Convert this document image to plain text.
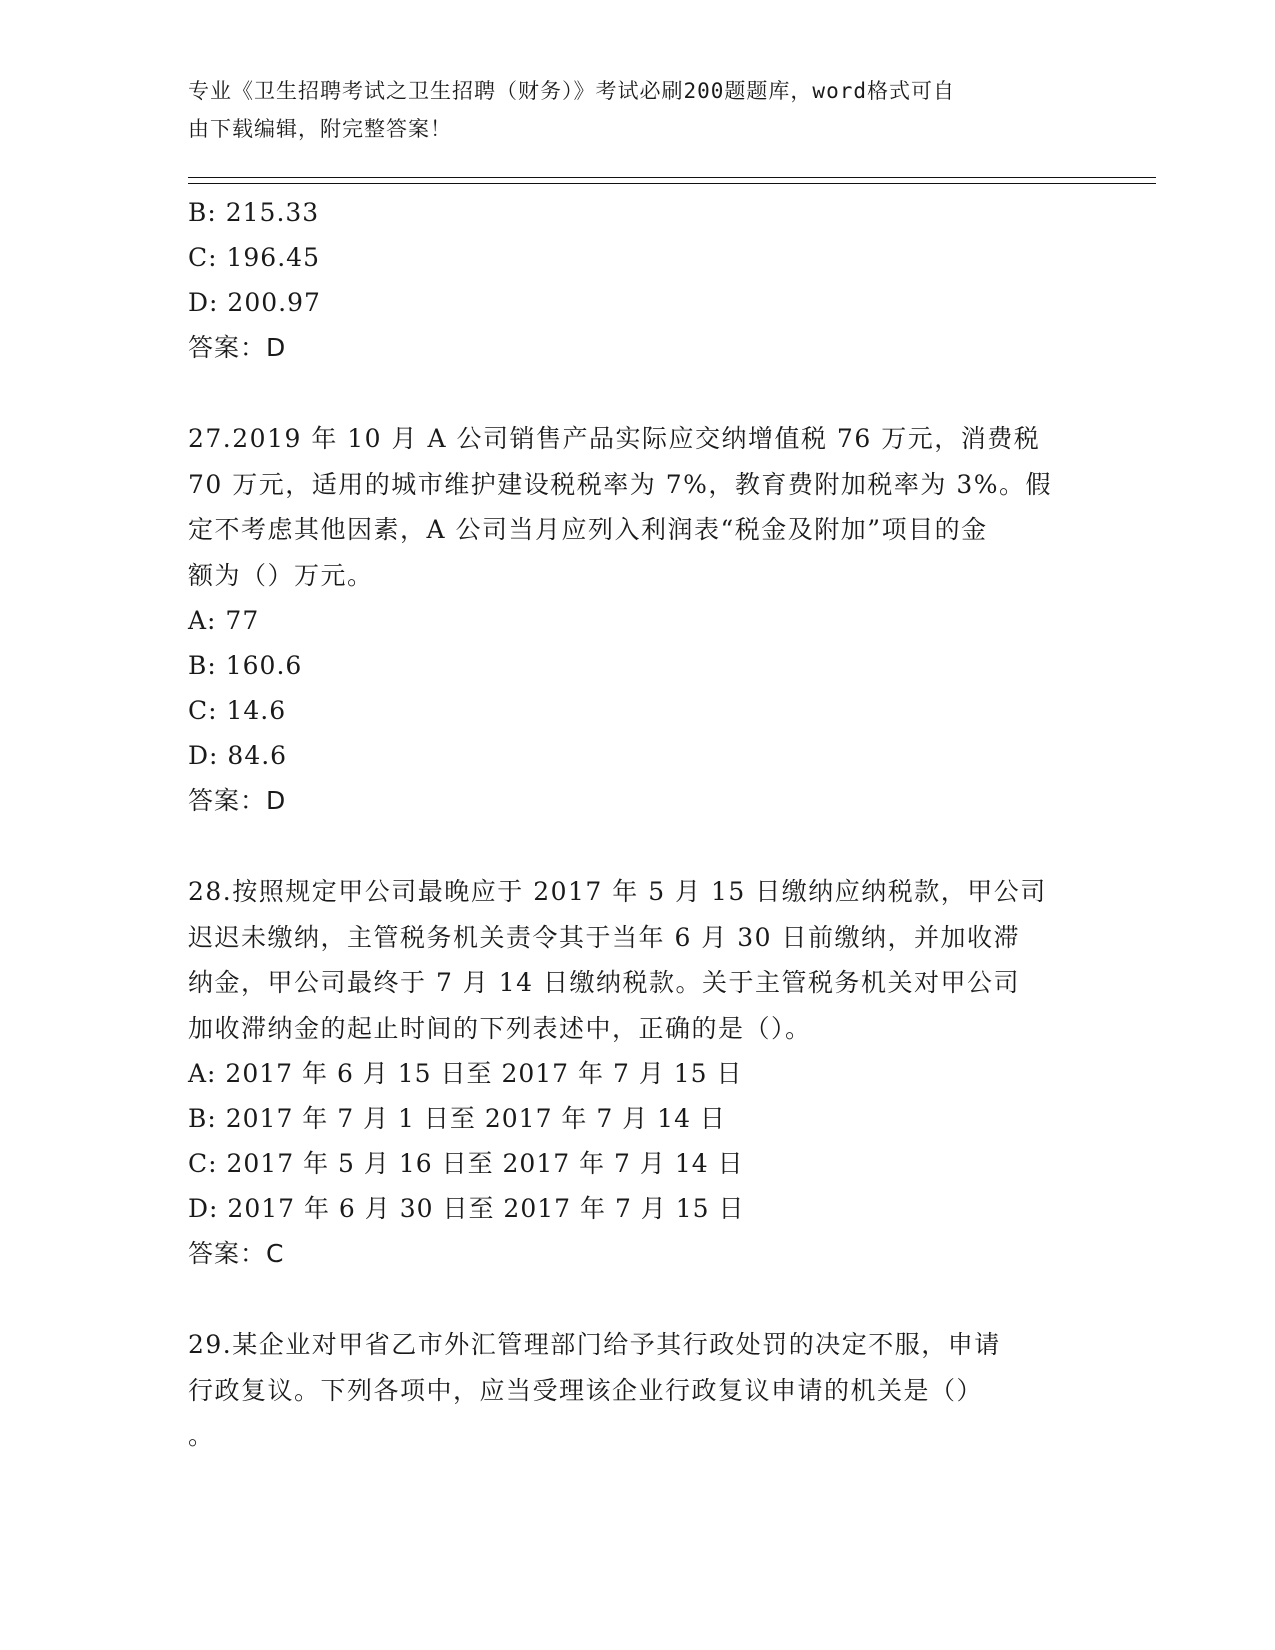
专业《卫生招聘考试之卫生招聘（财务）》考试必刷200题题库，word格式可自
由下载编辑，附完整答案！
B: 215.33
C: 196.45
D: 200.97
答案：D
27.2019 年 10 月 A 公司销售产品实际应交纳增值税 76 万元，消费税
70 万元，适用的城市维护建设税税率为 7%，教育费附加税率为 3%。假
定不考虑其他因素，A 公司当月应列入利润表“税金及附加”项目的金
额为（）万元。
A: 77
B: 160.6
C: 14.6
D: 84.6
答案：D
28.按照规定甲公司最晚应于 2017 年 5 月 15 日缴纳应纳税款，甲公司
迟迟未缴纳，主管税务机关责令其于当年 6 月 30 日前缴纳，并加收滞
纳金，甲公司最终于 7 月 14 日缴纳税款。关于主管税务机关对甲公司
加收滞纳金的起止时间的下列表述中，正确的是（）。
A: 2017 年 6 月 15 日至 2017 年 7 月 15 日
B: 2017 年 7 月 1 日至 2017 年 7 月 14 日
C: 2017 年 5 月 16 日至 2017 年 7 月 14 日
D: 2017 年 6 月 30 日至 2017 年 7 月 15 日
答案：C
29.某企业对甲省乙市外汇管理部门给予其行政处罚的决定不服，申请
行政复议。下列各项中，应当受理该企业行政复议申请的机关是（）
。
